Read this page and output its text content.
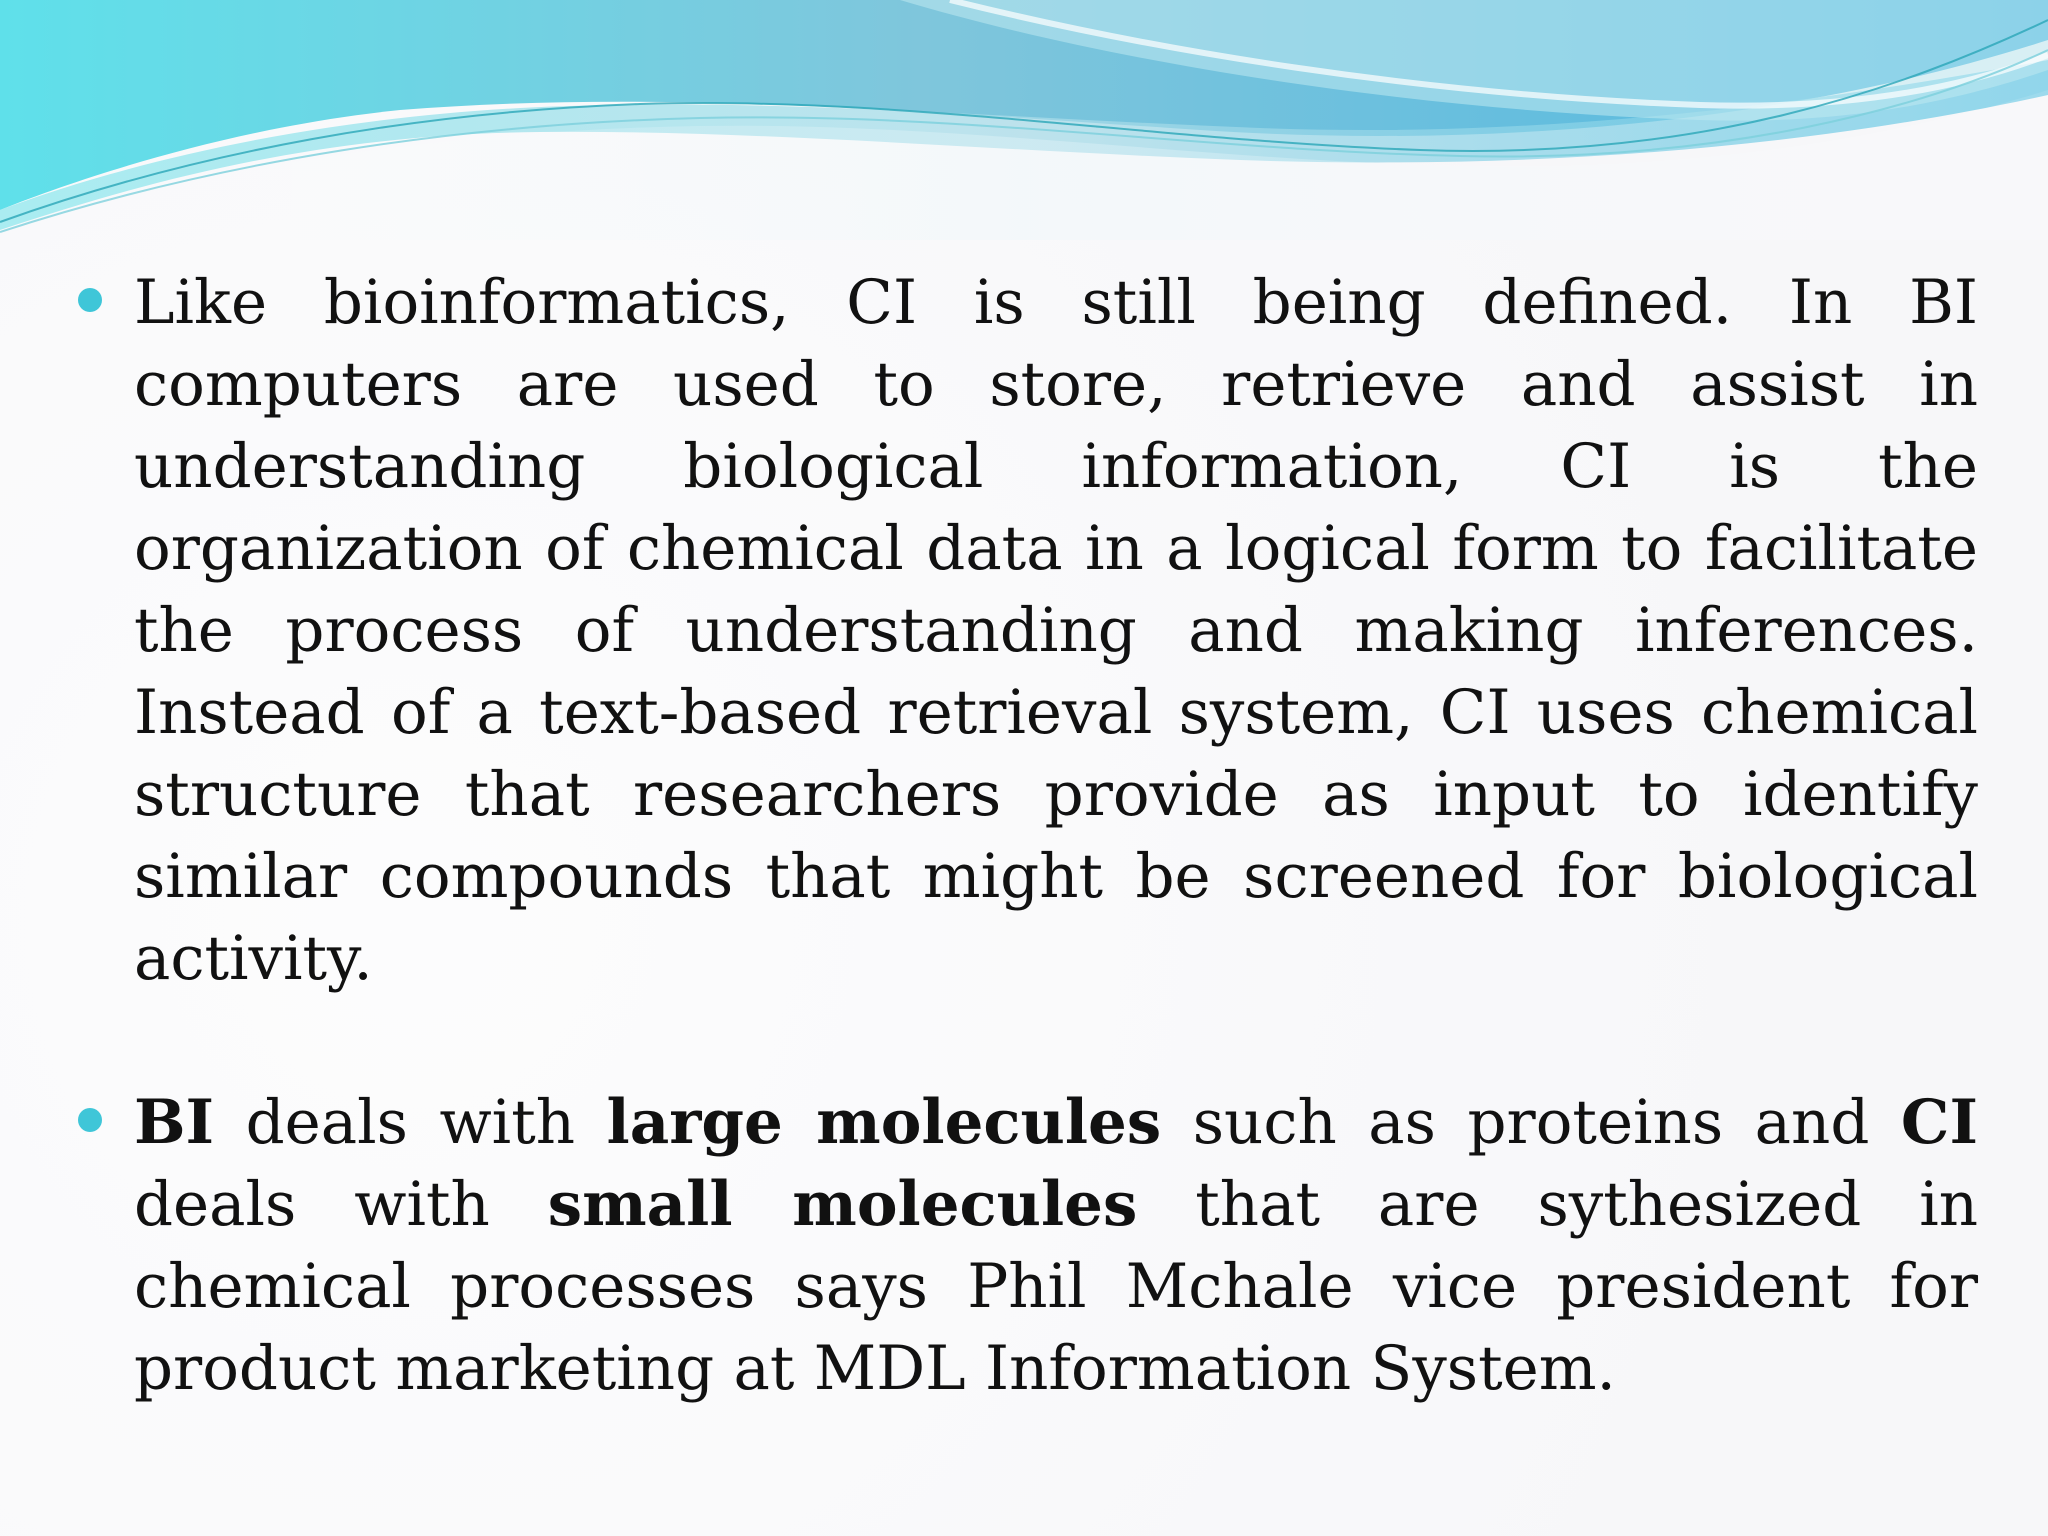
Like bioinformatics, CI is still being defined. In BI computers are used to store, retrieve and assist in understanding biological information, CI is the organization of chemical data in a logical form to facilitate the process of understanding and making inferences. Instead of a text-based retrieval system, CI uses chemical structure that researchers provide as input to identify similar compounds that might be screened for biological activity.
BI deals with large molecules such as proteins and CI deals with small molecules that are sythesized in chemical processes says Phil Mchale vice president for product marketing at MDL Information System.
